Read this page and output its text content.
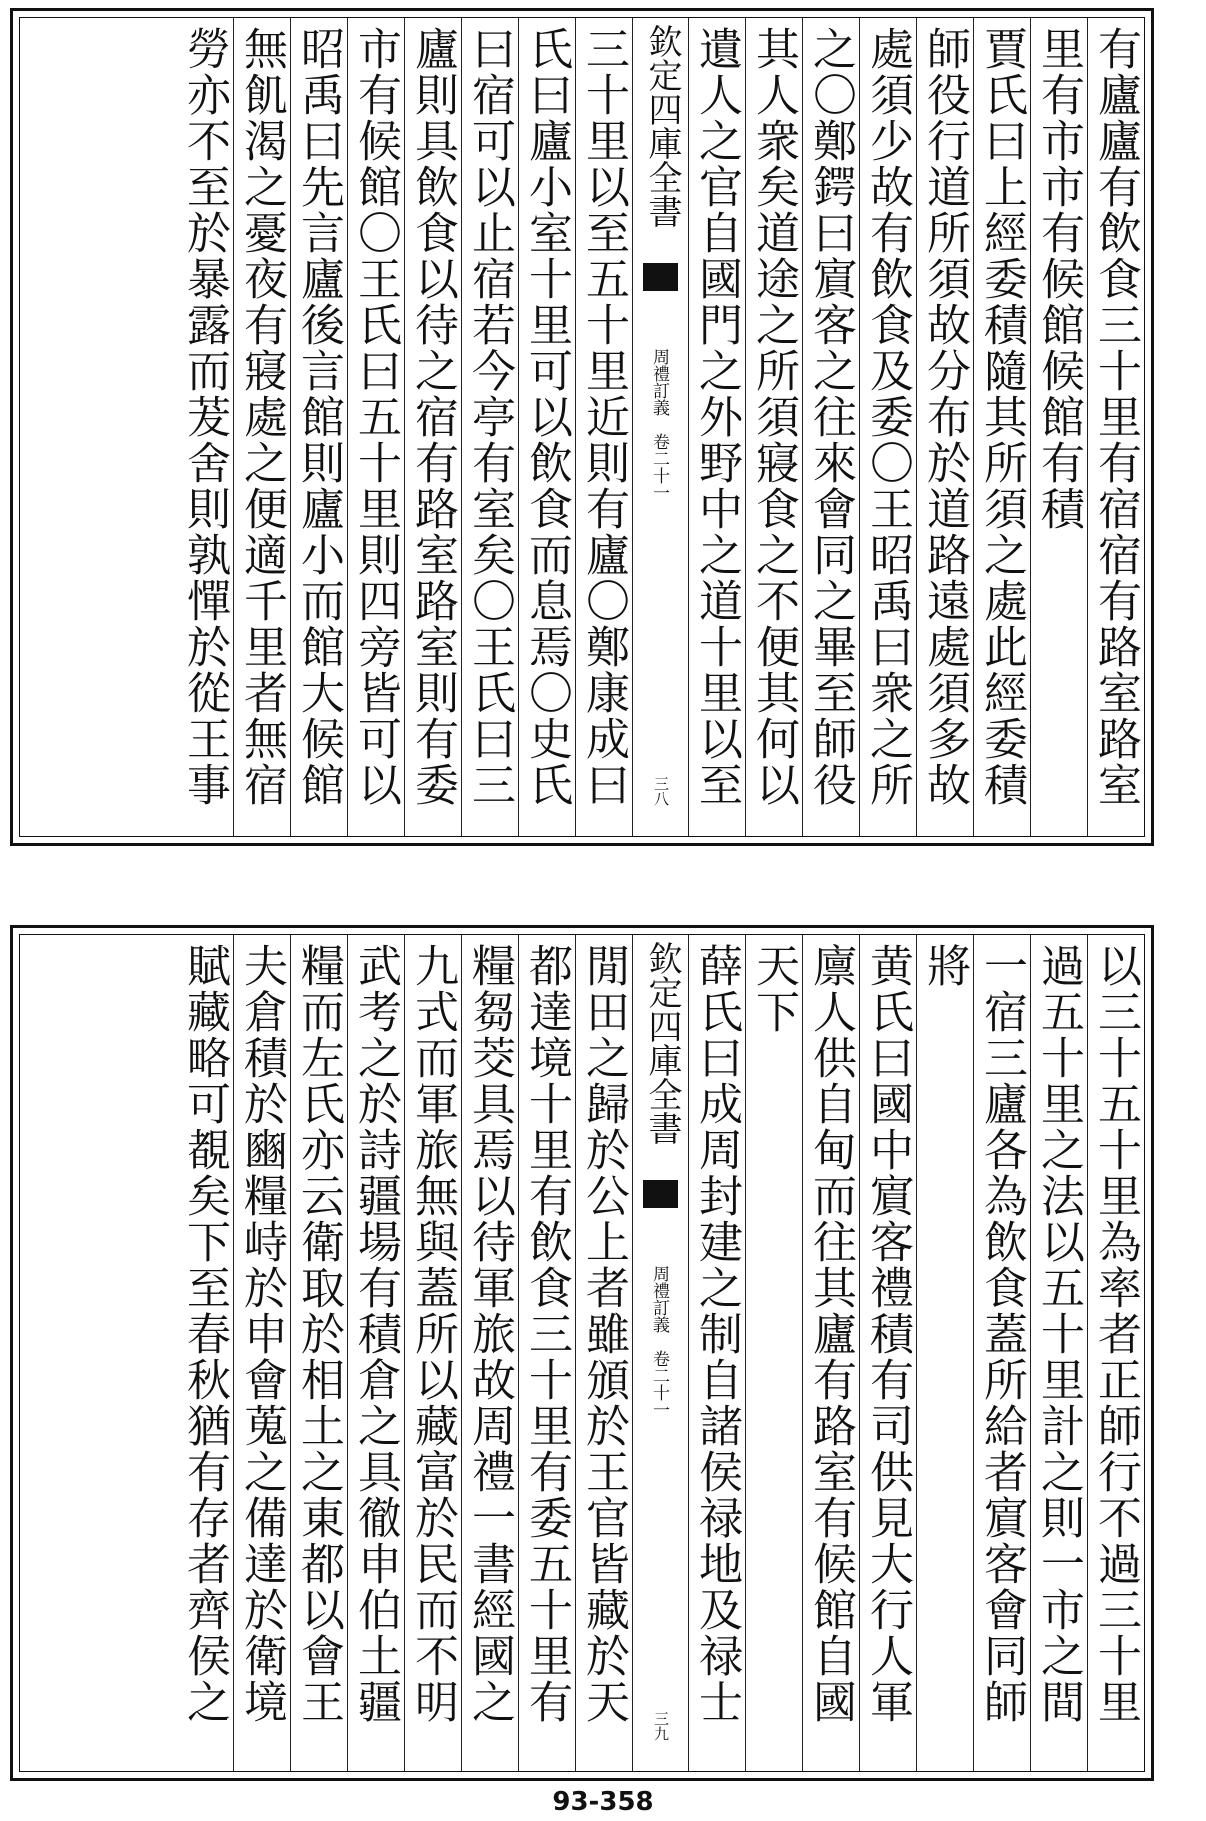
有廬廬有飲食三十里有宿宿有路室路室
里有市市有候館候館有積
賈氏曰上經委積隨其所須之處此經委積
師役行道所須故分布於道路遠處須多故
處須少故有飲食及委〇王昭禹曰衆之所
之〇鄭鍔曰賔客之往來會同之畢至師役
其人衆矣道途之所須寢食之不便其何以
遺人之官自國門之外野中之道十里以至
欽定四庫全書
周禮訂義　卷二十一
三八
三十里以至五十里近則有廬〇鄭康成曰
氏曰廬小室十里可以飲食而息焉〇史氏
曰宿可以止宿若今亭有室矣〇王氏曰三
廬則具飲食以待之宿有路室路室則有委
市有候館〇王氏曰五十里則四旁皆可以
昭禹曰先言廬後言館則廬小而館大候館
無飢渴之憂夜有寢處之便適千里者無宿
勞亦不至於暴露而茇舍則孰憚於從王事
以三十五十里為率者正師行不過三十里
過五十里之法以五十里計之則一市之間
一宿三廬各為飲食蓋所給者賔客會同師
將
黄氏曰國中賔客禮積有司供見大行人軍
廪人供自甸而往其廬有路室有候館自國
天下
薛氏曰成周封建之制自諸侯禄地及禄士
欽定四庫全書
周禮訂義　卷二十一
三九
閒田之歸於公上者雖頒於王官皆藏於天
都達境十里有飲食三十里有委五十里有
糧芻茭具焉以待軍旅故周禮一書經國之
九式而軍旅無與蓋所以藏富於民而不明
武考之於詩疆場有積倉之具徹申伯土疆
糧而左氏亦云衛取於相土之東都以會王
夫倉積於豳糧峙於申會蒐之備達於衛境
賦藏略可覩矣下至春秋猶有存者齊侯之
93-358
